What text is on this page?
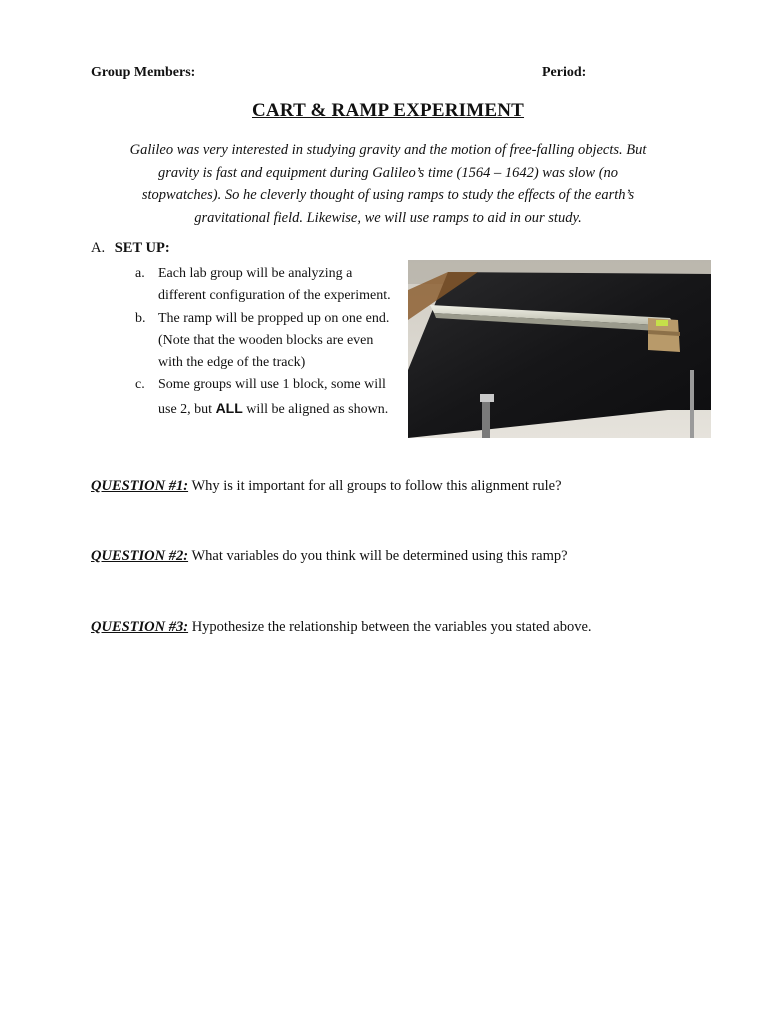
Group Members:	Period:
CART & RAMP EXPERIMENT

Galileo was very interested in studying gravity and the motion of free-falling objects. But

gravity is fast and equipment during Galileo’s time (1564 – 1642) was slow (no

stopwatches). So he cleverly thought of using ramps to study the effects of the earth’s

gravitational field. Likewise, we will use ramps to aid in our study.

A. SET UP:
a. Each lab group will be analyzing a different configuration of the experiment.
b. The ramp will be propped up on one end. (Note that the wooden blocks are even with the edge of the track)
c. Some groups will use 1 block, some will use 2, but ALL will be aligned as shown.
QUESTION #1: Why is it important for all groups to follow this alignment rule?
QUESTION #2: What variables do you think will be determined using this ramp?
QUESTION #3: Hypothesize the relationship between the variables you stated above.
